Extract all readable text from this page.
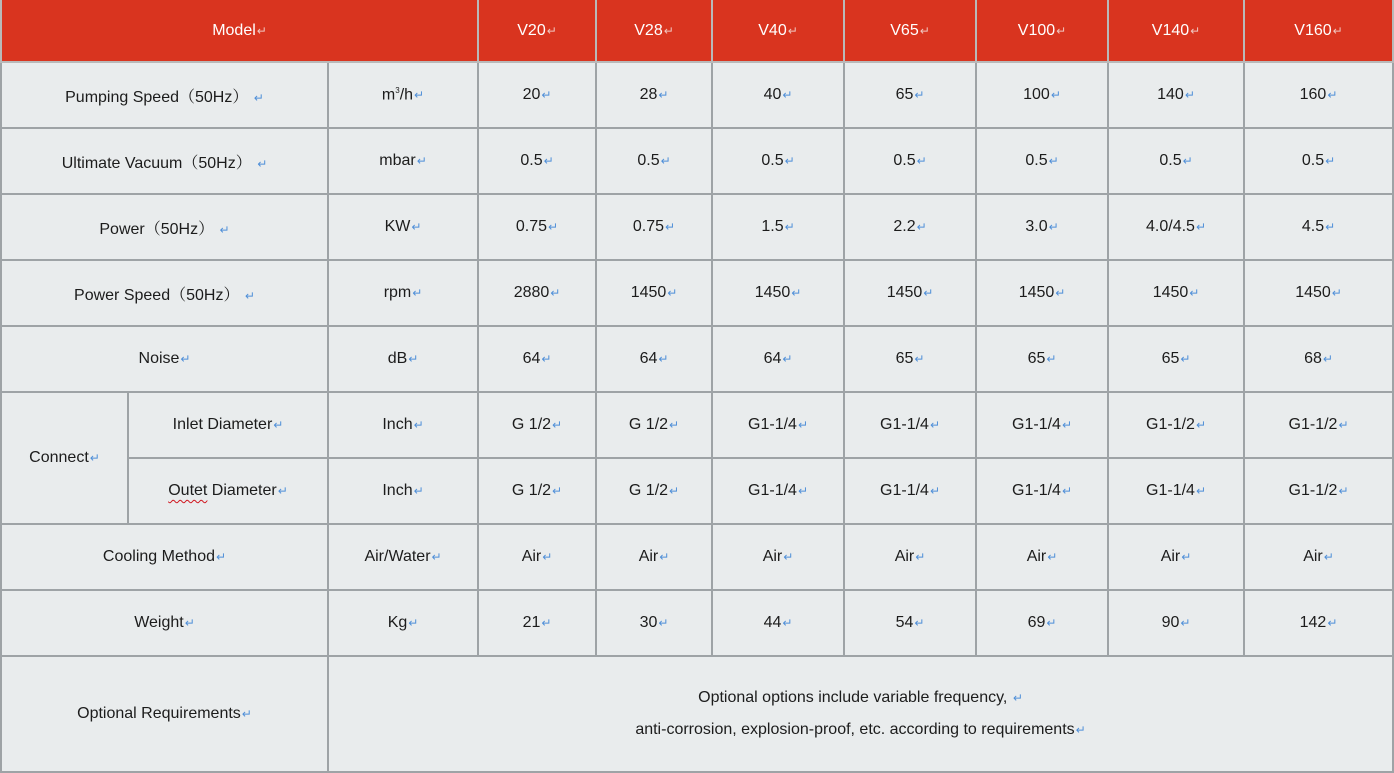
Model↵			V20↵	V28↵	V40↵	V65↵	V100↵	V140↵	V160↵
Pumping Speed（50Hz） ↵		$m^3/h↵$	20↵	28↵	40↵	65↵	100↵	140↵	160↵
Ultimate Vacuum（50Hz） ↵		mbar↵	0.5↵	0.5↵	0.5↵	0.5↵	0.5↵	0.5↵	0.5↵
Power（50Hz） ↵		KW↵	0.75↵	0.75↵	1.5↵	2.2↵	3.0↵	4.0/4.5↵	4.5↵
Power Speed（50Hz） ↵		rpm↵	2880↵	1450↵	1450↵	1450↵	1450↵	1450↵	1450↵
Noise↵		dB↵	64↵	64↵	64↵	65↵	65↵	65↵	68↵
Connect↵	Inlet Diameter↵	Inch↵	G 1/2↵	G 1/2↵	G1-1/4↵	G1-1/4↵	G1-1/4↵	G1-1/2↵	G1-1/2↵
	Outet Diameter↵	Inch↵	G 1/2↵	G 1/2↵	G1-1/4↵	G1-1/4↵	G1-1/4↵	G1-1/4↵	G1-1/2↵
Cooling Method↵		Air/Water↵	Air↵	Air↵	Air↵	Air↵	Air↵	Air↵	Air↵
Weight↵		Kg↵	21↵	30↵	44↵	54↵	69↵	90↵	142↵
Optional Requirements↵		Optional options include variable frequency, ↵
anti-corrosion, explosion-proof, etc. according to requirements↵							
